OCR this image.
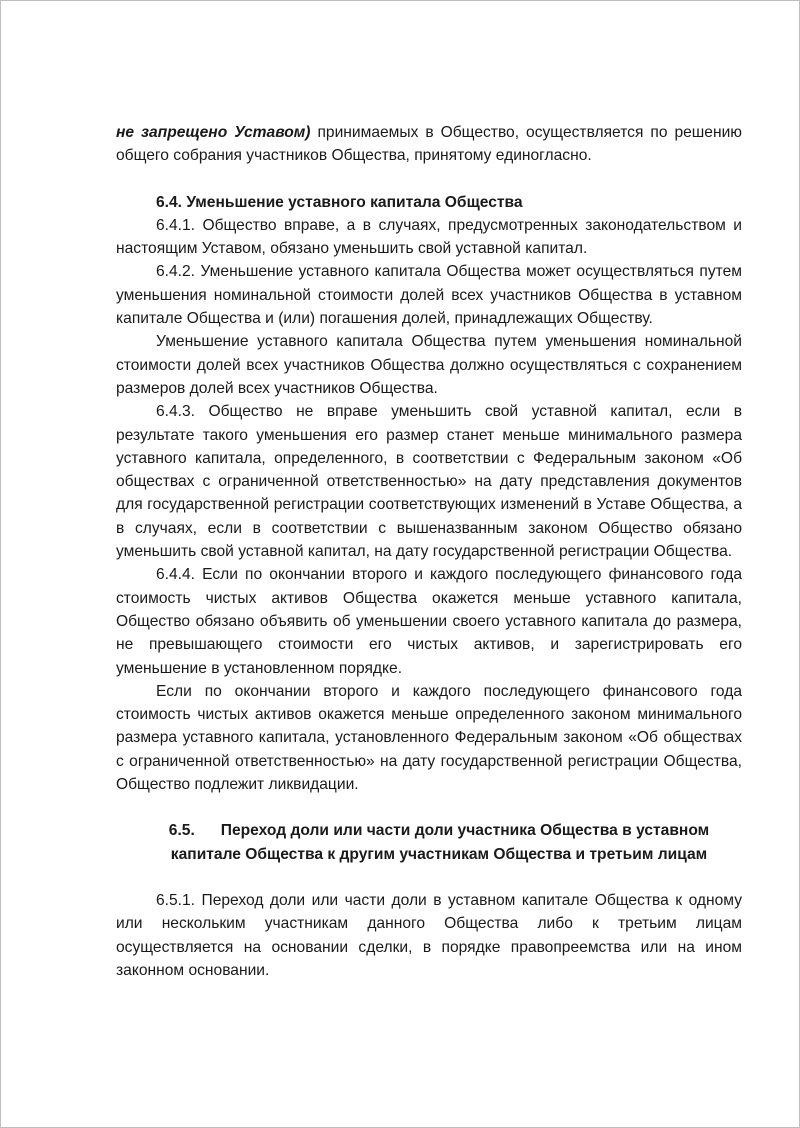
не запрещено Уставом) принимаемых в Общество, осуществляется по решению общего собрания участников Общества, принятому единогласно.

6.4. Уменьшение уставного капитала Общества

6.4.1. Общество вправе, а в случаях, предусмотренных законодательством и настоящим Уставом, обязано уменьшить свой уставной капитал.

6.4.2. Уменьшение уставного капитала Общества может осуществляться путем уменьшения номинальной стоимости долей всех участников Общества в уставном капитале Общества и (или) погашения долей, принадлежащих Обществу.

Уменьшение уставного капитала Общества путем уменьшения номинальной стоимости долей всех участников Общества должно осуществляться с сохранением размеров долей всех участников Общества.

6.4.3. Общество не вправе уменьшить свой уставной капитал, если в результате такого уменьшения его размер станет меньше минимального размера уставного капитала, определенного, в соответствии с Федеральным законом «Об обществах с ограниченной ответственностью» на дату представления документов для государственной регистрации соответствующих изменений в Уставе Общества, а в случаях, если в соответствии с вышеназванным законом Общество обязано уменьшить свой уставной капитал, на дату государственной регистрации Общества.

6.4.4. Если по окончании второго и каждого последующего финансового года стоимость чистых активов Общества окажется меньше уставного капитала, Общество обязано объявить об уменьшении своего уставного капитала до размера, не превышающего стоимости его чистых активов, и зарегистрировать его уменьшение в установленном порядке.

Если по окончании второго и каждого последующего финансового года стоимость чистых активов окажется меньше определенного законом минимального размера уставного капитала, установленного Федеральным законом «Об обществах с ограниченной ответственностью» на дату государственной регистрации Общества, Общество подлежит ликвидации.

6.5. Переход доли или части доли участника Общества в уставном капитале Общества к другим участникам Общества и третьим лицам

6.5.1. Переход доли или части доли в уставном капитале Общества к одному или нескольким участникам данного Общества либо к третьим лицам осуществляется на основании сделки, в порядке правопреемства или на ином законном основании.
